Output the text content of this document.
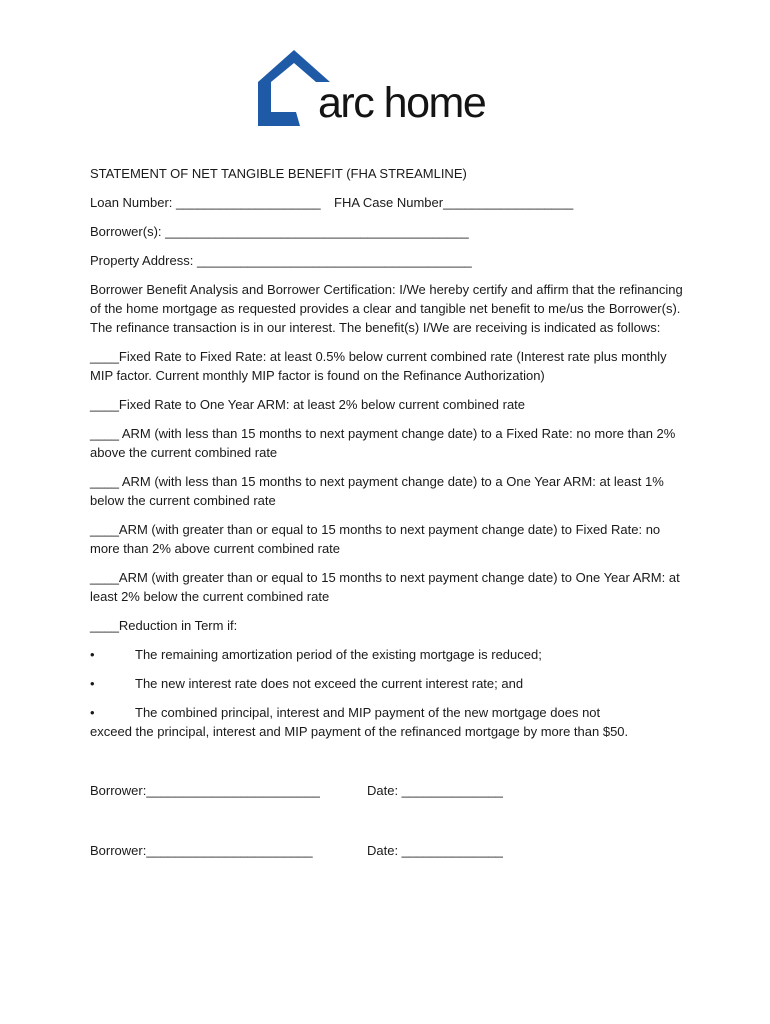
arc home

STATEMENT OF NET TANGIBLE BENEFIT (FHA STREAMLINE)

Loan Number: ____________________	FHA Case Number__________________

Borrower(s): __________________________________________

Property Address: ______________________________________

Borrower Benefit Analysis and Borrower Certification: I/We hereby certify and affirm that the refinancing of the home mortgage as requested provides a clear and tangible net benefit to me/us the Borrower(s). The refinance transaction is in our interest. The benefit(s) I/We are receiving is indicated as follows:

____Fixed Rate to Fixed Rate: at least 0.5% below current combined rate (Interest rate plus monthly MIP factor. Current monthly MIP factor is found on the Refinance Authorization)

____Fixed Rate to One Year ARM: at least 2% below current combined rate

____ ARM (with less than 15 months to next payment change date) to a Fixed Rate: no more than 2% above the current combined rate

____ ARM (with less than 15 months to next payment change date) to a One Year ARM: at least 1% below the current combined rate

____ARM (with greater than or equal to 15 months to next payment change date) to Fixed Rate: no more than 2% above current combined rate

____ARM (with greater than or equal to 15 months to next payment change date) to One Year ARM: at least 2% below the current combined rate

____Reduction in Term if:

•	The remaining amortization period of the existing mortgage is reduced;
•	The new interest rate does not exceed the current interest rate; and
•	The combined principal, interest and MIP payment of the new mortgage does not

exceed the principal, interest and MIP payment of the refinanced mortgage by more than $50.

Borrower:________________________	Date: ______________
Borrower:_______________________	Date: ______________
